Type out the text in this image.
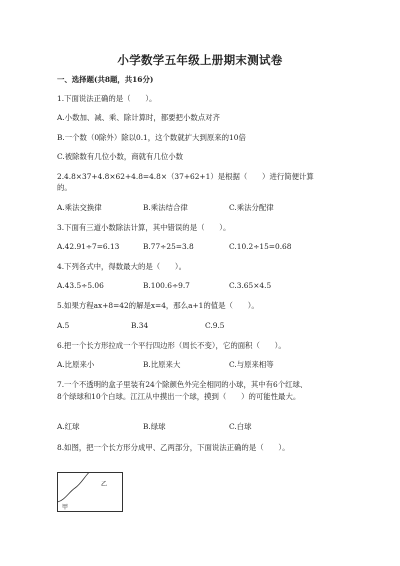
小学数学五年级上册期末测试卷
一、选择题(共8题，共16分)
1.下面说法正确的是（　　）。
A.小数加、减、乘、除计算时，都要把小数点对齐
B.一个数（0除外）除以0.1，这个数就扩大到原来的10倍
C.被除数有几位小数，商就有几位小数
2.4.8×37+4.8×62+4.8=4.8×（37+62+1）是根据（　　）进行简便计算
的。
A.乘法交换律	B.乘法结合律	C.乘法分配律
3.下面有三道小数除法计算，其中错误的是（　　）。
A.42.91÷7=6.13	B.77÷25=3.8	C.10.2÷15=0.68
4.下列各式中，得数最大的是（　　）。
A.43.5÷5.06	B.100.6÷9.7	C.3.65×4.5
5.如果方程ax+8=42的解是x=4，那么a+1的值是（　　）。
A.5	B.34	C.9.5
6.把一个长方形拉成一个平行四边形（周长不变），它的面积（　　）。
A.比原来小	B.比原来大	C.与原来相等
7.一个不透明的盒子里装有24个除颜色外完全相同的小球，其中有6个红球、
8个绿球和10个白球。江江从中摸出一个球，摸到（　　）的可能性最大。
A.红球	B.绿球	C.白球
8.如图，把一个长方形分成甲、乙两部分，下面说法正确的是（　　）。
甲
乙
